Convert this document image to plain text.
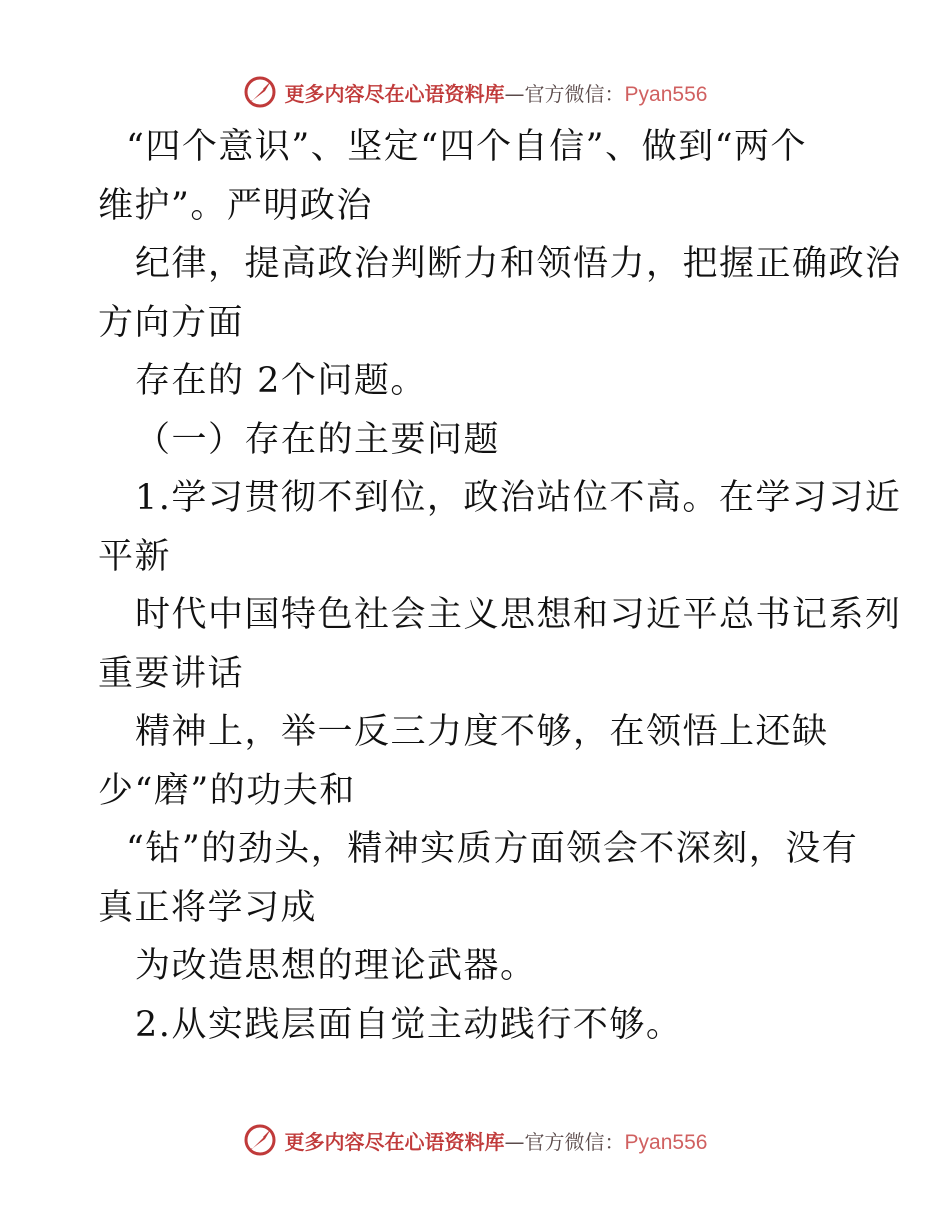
更多内容尽在心语资料库—官方微信：Pyan556
“四个意识”、坚定“四个自信”、做到“两个
维护”。严明政治
纪律，提高政治判断力和领悟力，把握正确政治
方向方面
存在的 2个问题。
（一）存在的主要问题
1.学习贯彻不到位，政治站位不高。在学习习近
平新
时代中国特色社会主义思想和习近平总书记系列
重要讲话
精神上，举一反三力度不够，在领悟上还缺
少“磨”的功夫和
“钻”的劲头，精神实质方面领会不深刻，没有
真正将学习成
为改造思想的理论武器。
2.从实践层面自觉主动践行不够。
更多内容尽在心语资料库—官方微信：Pyan556
